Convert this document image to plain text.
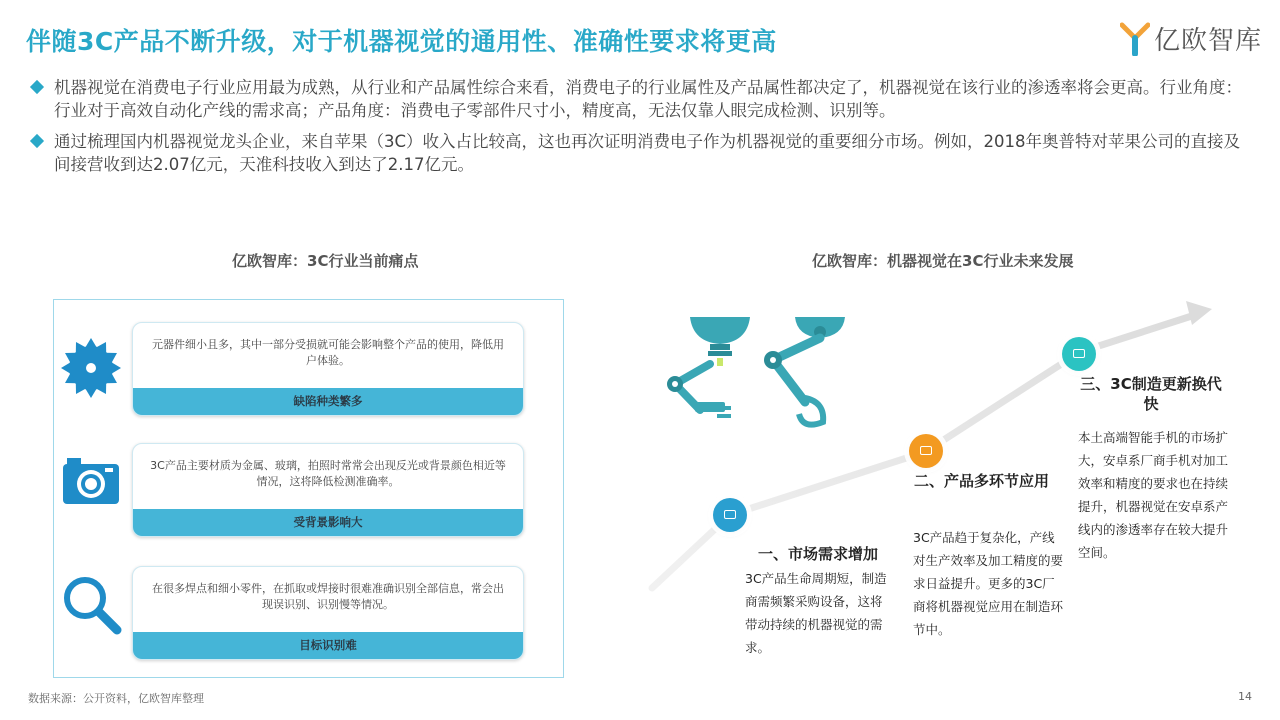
伴随3C产品不断升级，对于机器视觉的通用性、准确性要求将更高	亿欧智库
机器视觉在消费电子行业应用最为成熟，从行业和产品属性综合来看，消费电子的行业属性及产品属性都决定了，机器视觉在该行业的渗透率将会更高。行业角度：行业对于高效自动化产线的需求高；产品角度：消费电子零部件尺寸小，精度高，无法仅靠人眼完成检测、识别等。
通过梳理国内机器视觉龙头企业，来自苹果（3C）收入占比较高，这也再次证明消费电子作为机器视觉的重要细分市场。例如，2018年奥普特对苹果公司的直接及间接营收到达2.07亿元，天准科技收入到达了2.17亿元。
亿欧智库：3C行业当前痛点
元器件细小且多，其中一部分受损就可能会影响整个产品的使用，降低用户体验。
缺陷种类繁多
3C产品主要材质为金属、玻璃，拍照时常常会出现反光或背景颜色相近等情况，这将降低检测准确率。
受背景影响大
在很多焊点和细小零件，在抓取或焊接时很难准确识别全部信息，常会出现误识别、识别慢等情况。
目标识别难
亿欧智库：机器视觉在3C行业未来发展
一、市场需求增加
3C产品生命周期短，制造商需频繁采购设备，这将带动持续的机器视觉的需求。
二、产品多环节应用
3C产品趋于复杂化，产线对生产效率及加工精度的要求日益提升。更多的3C厂商将机器视觉应用在制造环节中。
三、3C制造更新换代快
本土高端智能手机的市场扩大，安卓系厂商手机对加工效率和精度的要求也在持续提升，机器视觉在安卓系产线内的渗透率存在较大提升空间。
数据来源：公开资料，亿欧智库整理	14
